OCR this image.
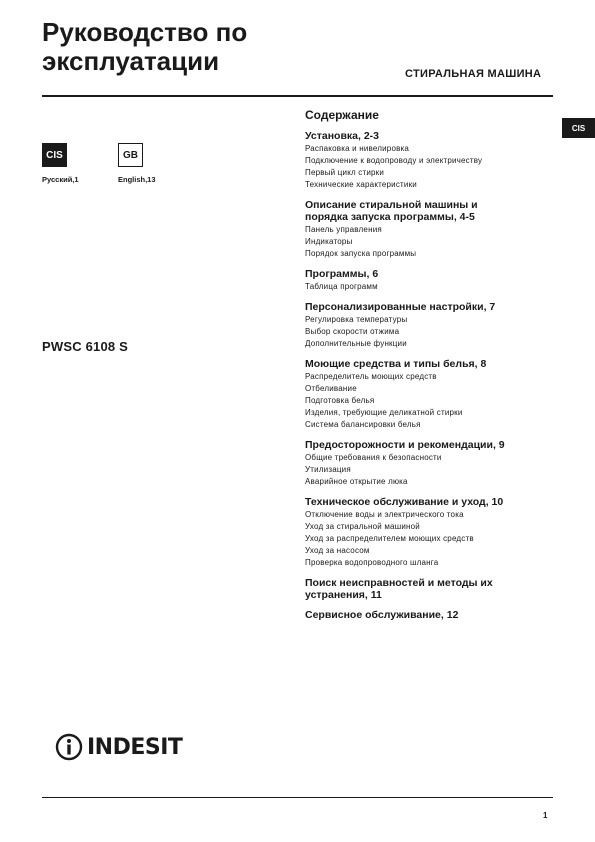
Руководство по
эксплуатации	СТИРАЛЬНАЯ МАШИНА
CIS
CIS
Русский,1
GB
English,13
PWSC 6108 S
INDESIT
Содержание
Установка, 2-3
Распаковка и нивелировка
Подключение к водопроводу и электричеству
Первый цикл стирки
Технические характеристики
Описание стиральной машины и
порядка запуска программы, 4-5
Панель управления
Индикаторы
Порядок запуска программы
Программы, 6
Таблица программ
Персонализированные настройки, 7
Регулировка температуры
Выбор скорости отжима
Дополнительные функции
Моющие средства и типы белья, 8
Распределитель моющих средств
Отбеливание
Подготовка белья
Изделия, требующие деликатной стирки
Система балансировки белья
Предосторожности и рекомендации, 9
Общие требования к безопасности
Утилизация
Аварийное открытие люка
Техническое обслуживание и уход, 10
Отключение воды и электрического тока
Уход за стиральной машиной
Уход за распределителем моющих средств
Уход за насосом
Проверка водопроводного шланга
Поиск неисправностей и методы их
устранения, 11
Сервисное обслуживание, 12
1
